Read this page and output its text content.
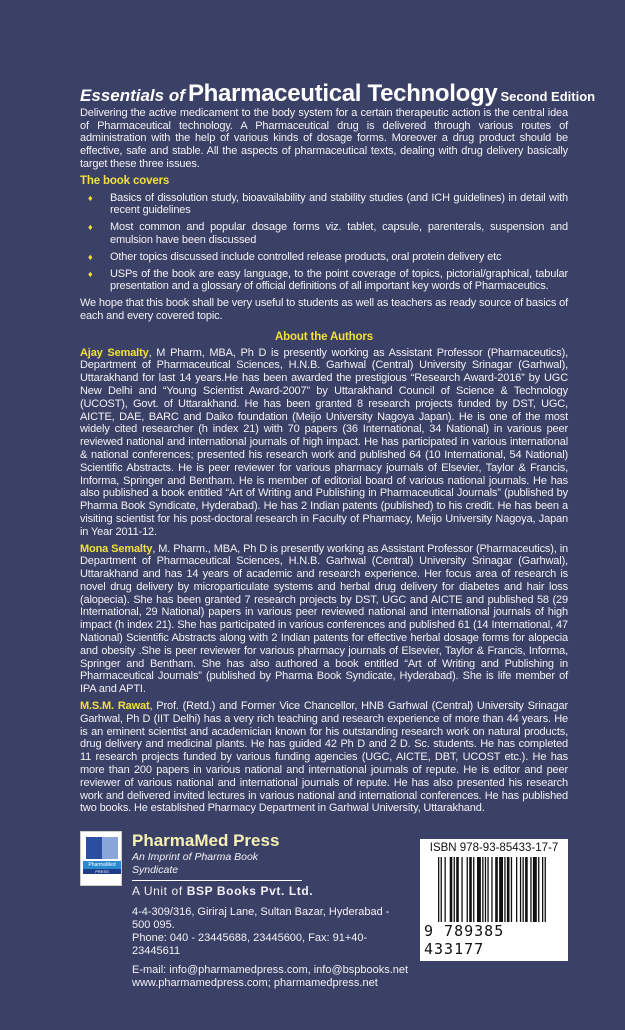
Essentials of Pharmaceutical Technology Second Edition

Delivering the active medicament to the body system for a certain therapeutic action is the central idea of Pharmaceutical technology. A Pharmaceutical drug is delivered through various routes of administration with the help of various kinds of dosage forms. Moreover a drug product should be effective, safe and stable. All the aspects of pharmaceutical texts, dealing with drug delivery basically target these three issues.

The book covers
♦ Basics of dissolution study, bioavailability and stability studies (and ICH guidelines) in detail with recent guidelines
♦ Most common and popular dosage forms viz. tablet, capsule, parenterals, suspension and emulsion have been discussed
♦ Other topics discussed include controlled release products, oral protein delivery etc
♦ USPs of the book are easy language, to the point coverage of topics, pictorial/graphical, tabular presentation and a glossary of official definitions of all important key words of Pharmaceutics.

We hope that this book shall be very useful to students as well as teachers as ready source of basics of each and every covered topic.

About the Authors

Ajay Semalty, M Pharm, MBA, Ph D is presently working as Assistant Professor (Pharmaceutics), Department of Pharmaceutical Sciences, H.N.B. Garhwal (Central) University Srinagar (Garhwal), Uttarakhand for last 14 years.He has been awarded the prestigious “Research Award-2016” by UGC New Delhi and “Young Scientist Award-2007” by Uttarakhand Council of Science & Technology (UCOST), Govt. of Uttarakhand. He has been granted 8 research projects funded by DST, UGC, AICTE, DAE, BARC and Daiko foundation (Meijo University Nagoya Japan). He is one of the most widely cited researcher (h index 21) with 70 papers (36 International, 34 National) in various peer reviewed national and international journals of high impact. He has participated in various international & national conferences; presented his research work and published 64 (10 International, 54 National) Scientific Abstracts. He is peer reviewer for various pharmacy journals of Elsevier, Taylor & Francis, Informa, Springer and Bentham. He is member of editorial board of various national journals. He has also published a book entitled “Art of Writing and Publishing in Pharmaceutical Journals” (published by Pharma Book Syndicate, Hyderabad). He has 2 Indian patents (published) to his credit. He has been a visiting scientist for his post-doctoral research in Faculty of Pharmacy, Meijo University Nagoya, Japan in Year 2011-12.

Mona Semalty, M. Pharm., MBA, Ph D is presently working as Assistant Professor (Pharmaceutics), in Department of Pharmaceutical Sciences, H.N.B. Garhwal (Central) University Srinagar (Garhwal), Uttarakhand and has 14 years of academic and research experience. Her focus area of research is novel drug delivery by microparticulate systems and herbal drug delivery for diabetes and hair loss (alopecia). She has been granted 7 research projects by DST, UGC and AICTE and published 58 (29 International, 29 National) papers in various peer reviewed national and international journals of high impact (h index 21). She has participated in various conferences and published 61 (14 International, 47 National) Scientific Abstracts along with 2 Indian patents for effective herbal dosage forms for alopecia and obesity .She is peer reviewer for various pharmacy journals of Elsevier, Taylor & Francis, Informa, Springer and Bentham. She has also authored a book entitled “Art of Writing and Publishing in Pharmaceutical Journals” (published by Pharma Book Syndicate, Hyderabad). She is life member of IPA and APTI.

M.S.M. Rawat, Prof. (Retd.) and Former Vice Chancellor, HNB Garhwal (Central) University Srinagar Garhwal, Ph D (IIT Delhi) has a very rich teaching and research experience of more than 44 years. He is an eminent scientist and academician known for his outstanding research work on natural products, drug delivery and medicinal plants. He has guided 42 Ph D and 2 D. Sc. students. He has completed 11 research projects funded by various funding agencies (UGC, AICTE, DBT, UCOST etc.). He has more than 200 papers in various national and international journals of repute. He is editor and peer reviewer of various national and international journals of repute. He has also presented his research work and delivered invited lectures in various national and international conferences. He has published two books. He established Pharmacy Department in Garhwal University, Uttarakhand.

PharmaMed
PRESS
PharmaMed Press
An Imprint of Pharma Book Syndicate
A Unit of BSP Books Pvt. Ltd.
4-4-309/316, Giriraj Lane, Sultan Bazar, Hyderabad - 500 095.
Phone: 040 - 23445688, 23445600, Fax: 91+40-23445611
E-mail: info@pharmamedpress.com, info@bspbooks.net
www.pharmamedpress.com; pharmamedpress.net
ISBN 978-93-85433-17-7
9 789385 433177
